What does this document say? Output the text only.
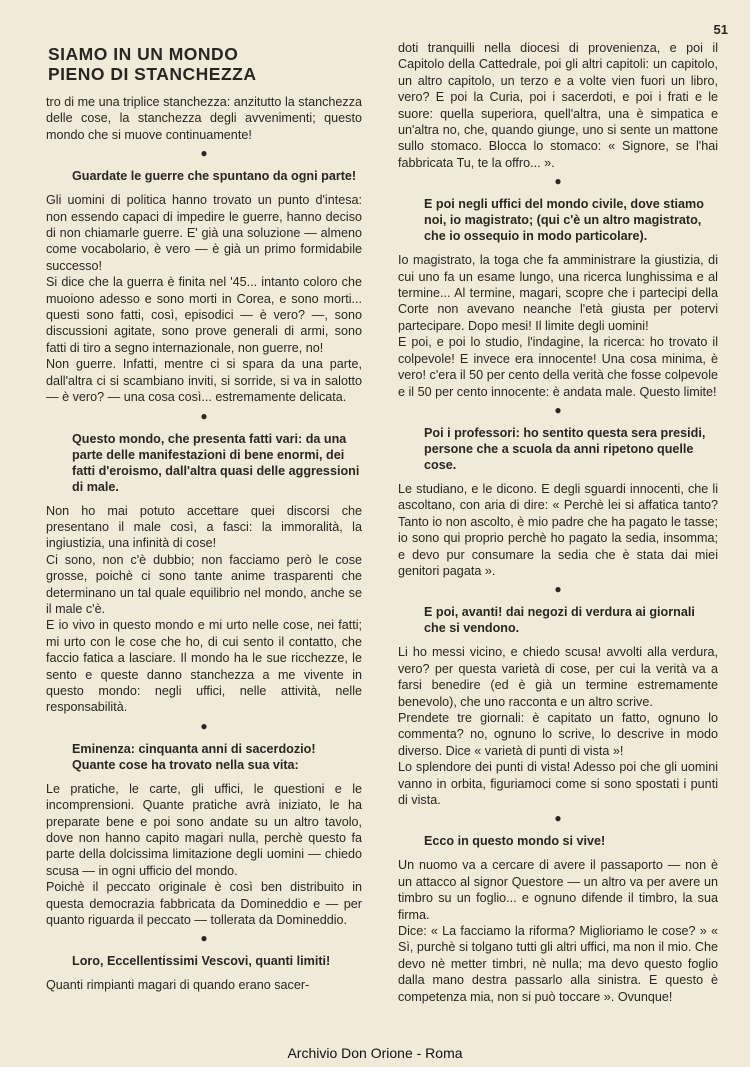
51
SIAMO IN UN MONDO
PIENO DI STANCHEZZA

tro di me una triplice stanchezza: anzitutto la stanchezza delle cose, la stanchezza degli avvenimenti; questo mondo che si muove continuamente!

●
Guardate le guerre che spuntano da ogni parte!

Gli uomini di politica hanno trovato un punto d'intesa: non essendo capaci di impedire le guerre, hanno deciso di non chiamarle guerre. E' già una soluzione — almeno come vocabolario, è vero — è già un primo formidabile successo!

Si dice che la guerra è finita nel '45... intanto coloro che muoiono adesso e sono morti in Corea, e sono morti... questi sono fatti, così, episodici — è vero? —, sono discussioni agitate, sono prove generali di armi, sono fatti di tiro a segno internazionale, non guerre, no!

Non guerre. Infatti, mentre ci si spara da una parte, dall'altra ci si scambiano inviti, si sorride, si va in salotto — è vero? — una cosa così... estremamente delicata.

●
Questo mondo, che presenta fatti vari: da una parte delle manifestazioni di bene enormi, dei fatti d'eroismo, dall'altra quasi delle aggressioni di male.

Non ho mai potuto accettare quei discorsi che presentano il male così, a fasci: la immoralità, la ingiustizia, una infinità di cose!

Ci sono, non c'è dubbio; non facciamo però le cose grosse, poichè ci sono tante anime trasparenti che determinano un tal quale equilibrio nel mondo, anche se il male c'è.

E io vivo in questo mondo e mi urto nelle cose, nei fatti; mi urto con le cose che ho, di cui sento il contatto, che faccio fatica a lasciare. Il mondo ha le sue ricchezze, le sento e queste danno stanchezza a me vivente in questo mondo: negli uffici, nelle attività, nelle responsabilità.

●
Eminenza: cinquanta anni di sacerdozio! Quante cose ha trovato nella sua vita:

Le pratiche, le carte, gli uffici, le questioni e le incomprensioni. Quante pratiche avrà iniziato, le ha preparate bene e poi sono andate su un altro tavolo, dove non hanno capito magari nulla, perchè questo fa parte della dolcissima limitazione degli uomini — chiedo scusa — in ogni ufficio del mondo.

Poichè il peccato originale è così ben distribuito in questa democrazia fabbricata da Domineddio e — per quanto riguarda il peccato — tollerata da Domineddio.

●
Loro, Eccellentissimi Vescovi, quanti limiti!

Quanti rimpianti magari di quando erano sacer-

doti tranquilli nella diocesi di provenienza, e poi il Capitolo della Cattedrale, poi gli altri capitoli: un capitolo, un altro capitolo, un terzo e a volte vien fuori un libro, vero? E poi la Curia, poi i sacerdoti, e poi i frati e le suore: quella superiora, quell'altra, una è simpatica e un'altra no, che, quando giunge, uno si sente un mattone sullo stomaco. Blocca lo stomaco: « Signore, se l'hai fabbricata Tu, te la offro... ».

●
E poi negli uffici del mondo civile, dove stiamo noi, io magistrato; (qui c'è un altro magistrato, che io ossequio in modo particolare).

Io magistrato, la toga che fa amministrare la giustizia, di cui uno fa un esame lungo, una ricerca lunghissima e al termine... Al termine, magari, scopre che i partecipi della Corte non avevano neanche l'età giusta per potervi partecipare. Dopo mesi! Il limite degli uomini!

E poi, e poi lo studio, l'indagine, la ricerca: ho trovato il colpevole! E invece era innocente! Una cosa minima, è vero! c'era il 50 per cento della verità che fosse colpevole e il 50 per cento innocente: è andata male. Questo limite!

●
Poi i professori: ho sentito questa sera presidi, persone che a scuola da anni ripetono quelle cose.

Le studiano, e le dicono. E degli sguardi innocenti, che li ascoltano, con aria di dire: « Perchè lei si affatica tanto? Tanto io non ascolto, è mio padre che ha pagato le tasse; io sono qui proprio perchè ho pagato la sedia, insomma; e devo pur consumare la sedia che è stata dai miei genitori pagata ».

●
E poi, avanti! dai negozi di verdura ai giornali che si vendono.

Li ho messi vicino, e chiedo scusa! avvolti alla verdura, vero? per questa varietà di cose, per cui la verità va a farsi benedire (ed è già un termine estremamente benevolo), che uno racconta e un altro scrive.

Prendete tre giornali: è capitato un fatto, ognuno lo commenta? no, ognuno lo scrive, lo descrive in modo diverso. Dice « varietà di punti di vista »!

Lo splendore dei punti di vista! Adesso poi che gli uomini vanno in orbita, figuriamoci come si sono spostati i punti di vista.

●
Ecco in questo mondo si vive!

Un nuomo va a cercare di avere il passaporto — non è un attacco al signor Questore — un altro va per avere un timbro su un foglio... e ognuno difende il timbro, la sua firma.

Dice: « La facciamo la riforma? Miglioriamo le cose? » « Sì, purchè si tolgano tutti gli altri uffici, ma non il mio. Che devo nè metter timbri, nè nulla; ma devo questo foglio dalla mano destra passarlo alla sinistra. E questo è competenza mia, non si può toccare ». Ovunque!

Archivio Don Orione - Roma
